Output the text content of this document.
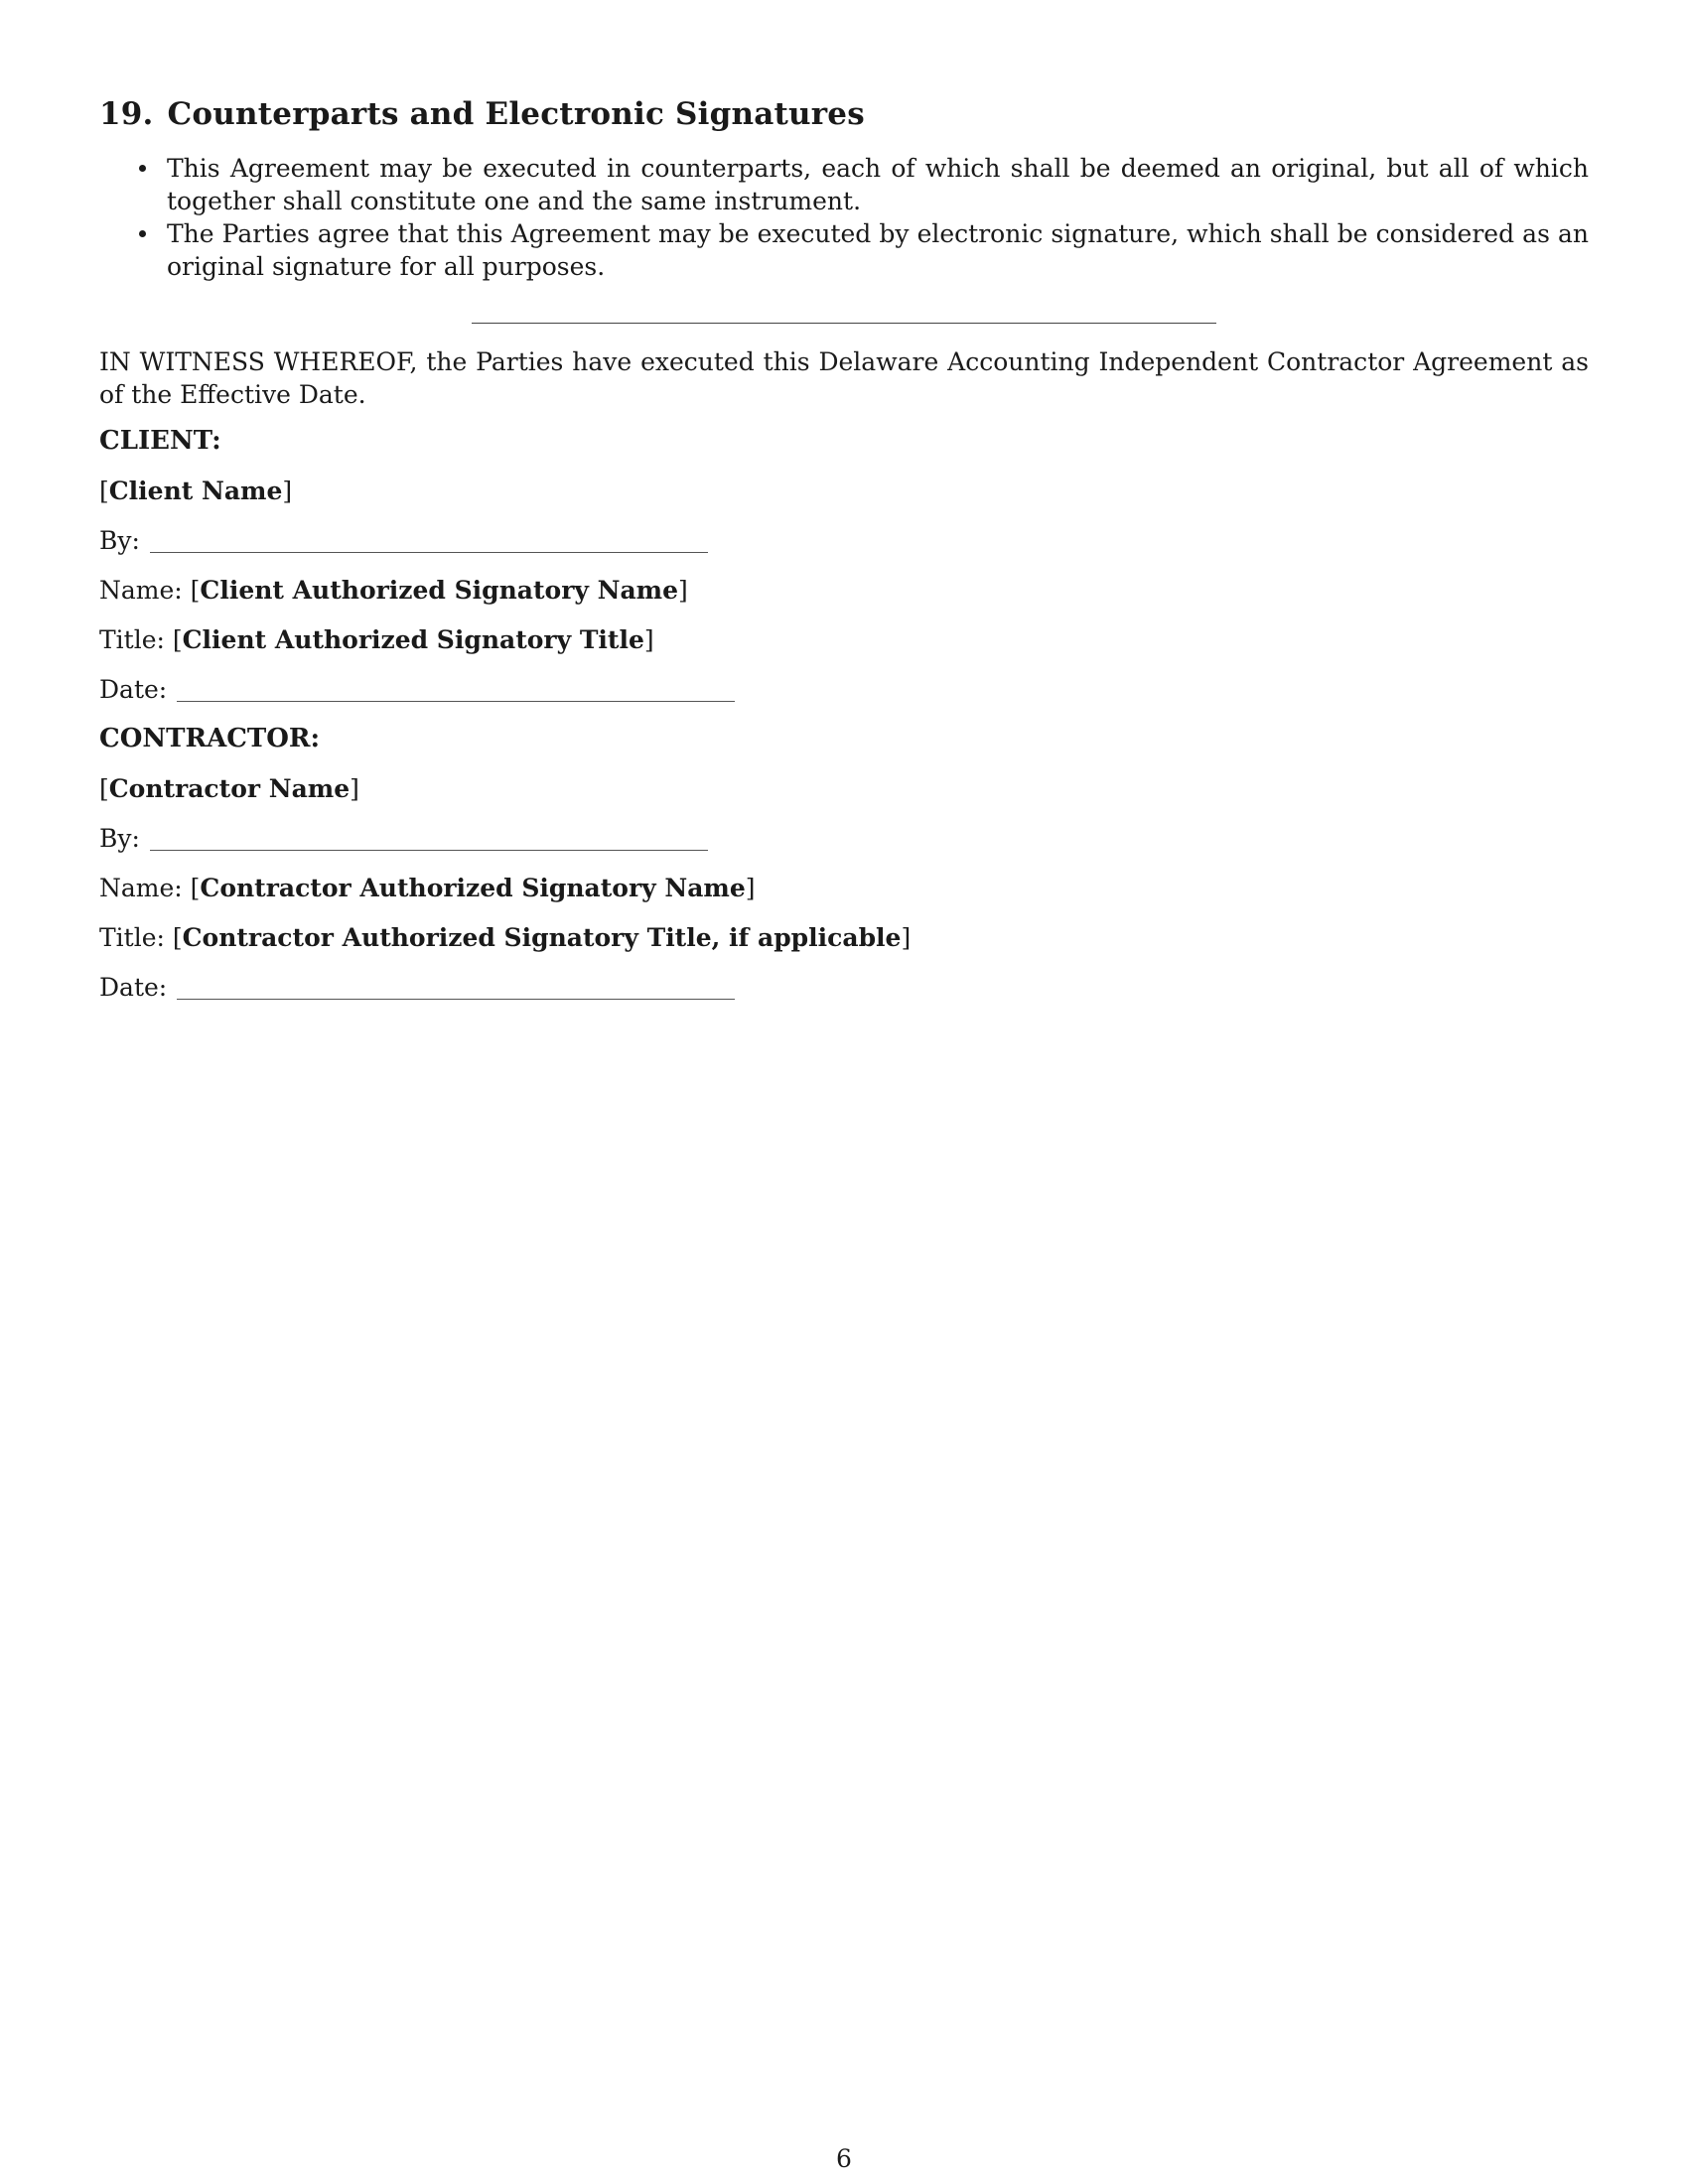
19. Counterparts and Electronic Signatures
This Agreement may be executed in counterparts, each of which shall be deemed an original, but all of which together shall constitute one and the same instrument.
The Parties agree that this Agreement may be executed by electronic signature, which shall be considered as an original signature for all purposes.

IN WITNESS WHEREOF, the Parties have executed this Delaware Accounting Independent Contractor Agreement as of the Effective Date.

CLIENT:

[Client Name]

By:

Name: [Client Authorized Signatory Name]

Title: [Client Authorized Signatory Title]

Date:

CONTRACTOR:

[Contractor Name]

By:

Name: [Contractor Authorized Signatory Name]

Title: [Contractor Authorized Signatory Title, if applicable]

Date:

6
